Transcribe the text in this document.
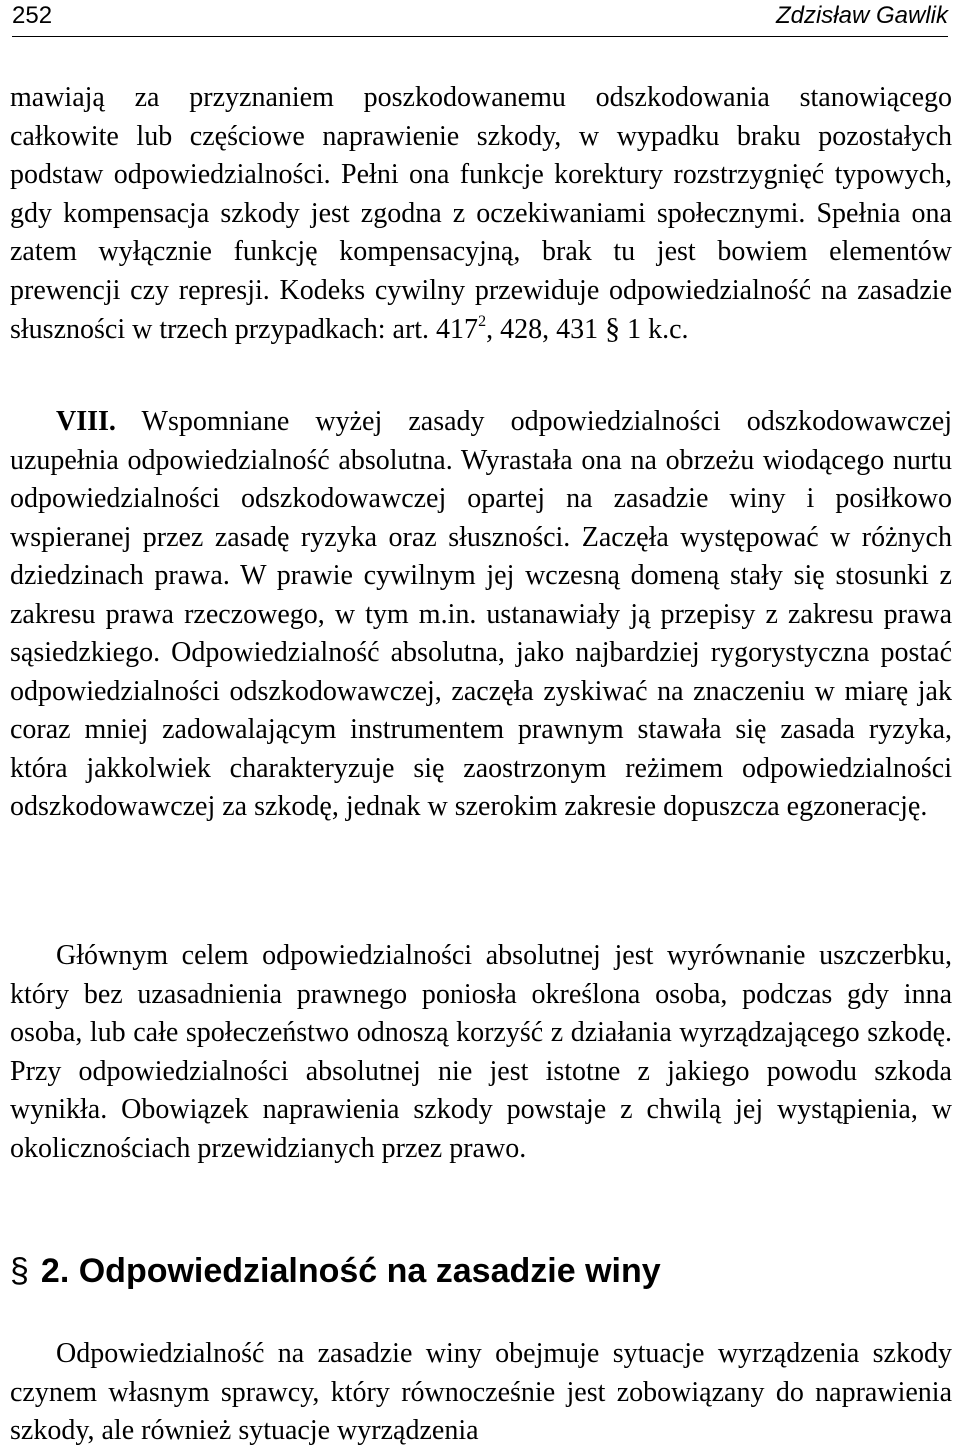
252	Zdzisław Gawlik

mawiają za przyznaniem poszkodowanemu odszkodowania stanowiącego całkowite lub częściowe naprawienie szkody, w wypadku braku pozostałych podstaw odpowiedzialności. Pełni ona funkcje korektury rozstrzygnięć typowych, gdy kompensacja szkody jest zgodna z oczekiwaniami społecznymi. Spełnia ona zatem wyłącznie funkcję kompensacyjną, brak tu jest bowiem elementów prewencji czy represji. Kodeks cywilny przewiduje odpowiedzialność na zasadzie słuszności w trzech przypadkach: art. $417^2$, 428, 431 § 1 k.c.

VIII. Wspomniane wyżej zasady odpowiedzialności odszkodowawczej uzupełnia odpowiedzialność absolutna. Wyrastała ona na obrzeżu wiodącego nurtu odpowiedzialności odszkodowawczej opartej na zasadzie winy i posiłkowo wspieranej przez zasadę ryzyka oraz słuszności. Zaczęła występować w różnych dziedzinach prawa. W prawie cywilnym jej wczesną domeną stały się stosunki z zakresu prawa rzeczowego, w tym m.in. ustanawiały ją przepisy z zakresu prawa sąsiedzkiego. Odpowiedzialność absolutna, jako najbardziej rygorystyczna postać odpowiedzialności odszkodowawczej, zaczęła zyskiwać na znaczeniu w miarę jak coraz mniej zadowalającym instrumentem prawnym stawała się zasada ryzyka, która jakkolwiek charakteryzuje się zaostrzonym reżimem odpowiedzialności odszkodowawczej za szkodę, jednak w szerokim zakresie dopuszcza egzonerację.

Głównym celem odpowiedzialności absolutnej jest wyrównanie uszczerbku, który bez uzasadnienia prawnego poniosła określona osoba, podczas gdy inna osoba, lub całe społeczeństwo odnoszą korzyść z działania wyrządzającego szkodę. Przy odpowiedzialności absolutnej nie jest istotne z jakiego powodu szkoda wynikła. Obowiązek naprawienia szkody powstaje z chwilą jej wystąpienia, w okolicznościach przewidzianych przez prawo.

§ 2. Odpowiedzialność na zasadzie winy

Odpowiedzialność na zasadzie winy obejmuje sytuacje wyrządzenia szkody czynem własnym sprawcy, który równocześnie jest zobowiązany do naprawienia szkody, ale również sytuacje wyrządzenia
